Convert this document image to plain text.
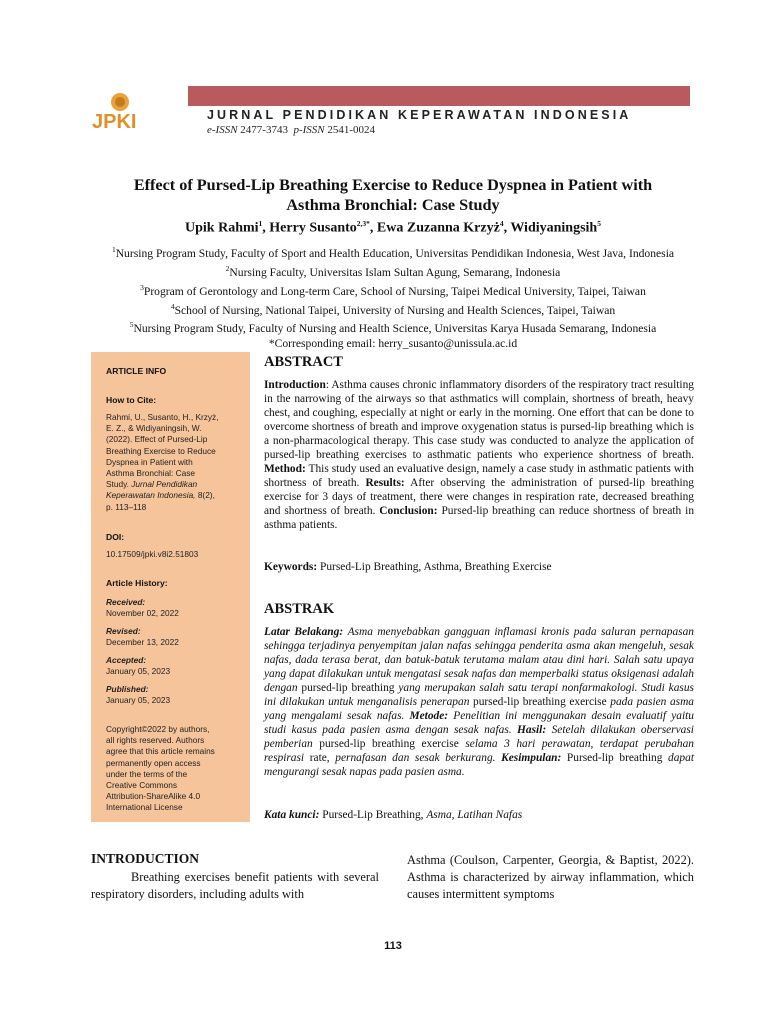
JPKI	JURNAL PENDIDIKAN KEPERAWATAN INDONESIA
e-ISSN 2477-3743 p-ISSN 2541-0024
Effect of Pursed-Lip Breathing Exercise to Reduce Dyspnea in Patient with
Asthma Bronchial: Case Study
Upik Rahmi$^1$, Herry Susanto$^{2,3*}$, Ewa Zuzanna Krzyż$^4$, Widiyaningsih$^5$
$^1$Nursing Program Study, Faculty of Sport and Health Education, Universitas Pendidikan Indonesia, West Java, Indonesia
$^2$Nursing Faculty, Universitas Islam Sultan Agung, Semarang, Indonesia
$^3$Program of Gerontology and Long-term Care, School of Nursing, Taipei Medical University, Taipei, Taiwan
$^4$School of Nursing, National Taipei, University of Nursing and Health Sciences, Taipei, Taiwan
$^5$Nursing Program Study, Faculty of Nursing and Health Science, Universitas Karya Husada Semarang, Indonesia
*Corresponding email: herry_susanto@unissula.ac.id
ARTICLE INFO
How to Cite:
Rahmi, U., Susanto, H., Krzyż,
E. Z., & Widiyaningsih, W.
(2022). Effect of Pursed-Lip
Breathing Exercise to Reduce
Dyspnea in Patient with
Asthma Bronchial: Case
Study. Jurnal Pendidikan
Keperawatan Indonesia, 8(2),
p. 113–118
DOI:
10.17509/jpki.v8i2.51803
Article History:
Received:
November 02, 2022
Revised:
December 13, 2022
Accepted:
January 05, 2023
Published:
January 05, 2023
Copyright©2022 by authors,
all rights reserved. Authors
agree that this article remains
permanently open access
under the terms of the
Creative Commons
Attribution-ShareAlike 4.0
International License
ABSTRACT
Introduction: Asthma causes chronic inflammatory disorders of the respiratory tract resulting in the narrowing of the airways so that asthmatics will complain, shortness of breath, heavy chest, and coughing, especially at night or early in the morning. One effort that can be done to overcome shortness of breath and improve oxygenation status is pursed-lip breathing which is a non-pharmacological therapy. This case study was conducted to analyze the application of pursed-lip breathing exercises to asthmatic patients who experience shortness of breath. Method: This study used an evaluative design, namely a case study in asthmatic patients with shortness of breath. Results: After observing the administration of pursed-lip breathing exercise for 3 days of treatment, there were changes in respiration rate, decreased breathing and shortness of breath. Conclusion: Pursed-lip breathing can reduce shortness of breath in asthma patients.
Keywords: Pursed-Lip Breathing, Asthma, Breathing Exercise
ABSTRAK
Latar Belakang: Asma menyebabkan gangguan inflamasi kronis pada saluran pernapasan sehingga terjadinya penyempitan jalan nafas sehingga penderita asma akan mengeluh, sesak nafas, dada terasa berat, dan batuk-batuk terutama malam atau dini hari. Salah satu upaya yang dapat dilakukan untuk mengatasi sesak nafas dan memperbaiki status oksigenasi adalah dengan pursed-lip breathing yang merupakan salah satu terapi nonfarmakologi. Studi kasus ini dilakukan untuk menganalisis penerapan pursed-lip breathing exercise pada pasien asma yang mengalami sesak nafas. Metode: Penelitian ini menggunakan desain evaluatif yaitu studi kasus pada pasien asma dengan sesak nafas. Hasil: Setelah dilakukan oberservasi pemberian pursed-lip breathing exercise selama 3 hari perawatan, terdapat perubahan respirasi rate, pernafasan dan sesak berkurang. Kesimpulan: Pursed-lip breathing dapat mengurangi sesak napas pada pasien asma.
Kata kunci: Pursed-Lip Breathing, Asma, Latihan Nafas
INTRODUCTION
Breathing exercises benefit patients with several respiratory disorders, including adults with
Asthma (Coulson, Carpenter, Georgia, & Baptist, 2022). Asthma is characterized by airway inflammation, which causes intermittent symptoms
113
